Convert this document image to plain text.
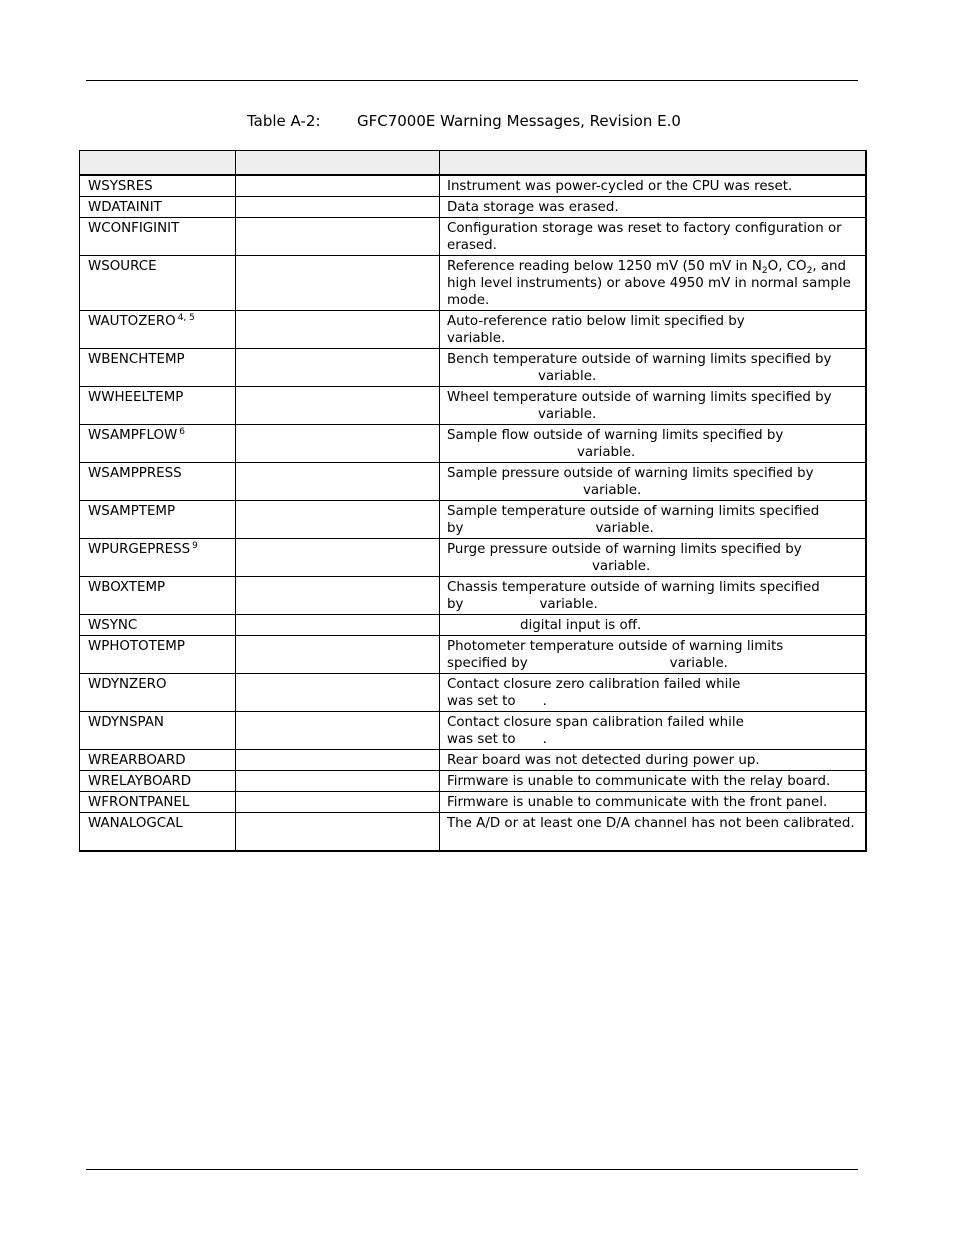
Table A-2: GFC7000E Warning Messages, Revision E.0

WSYSRES		Instrument was power-cycled or the CPU was reset.
WDATAINIT		Data storage was erased.
WCONFIGINIT		Configuration storage was reset to factory configuration or erased.
WSOURCE		Reference reading below 1250 mV (50 mV in $N_2O$, $CO_2$, and high level instruments) or above 4950 mV in normal sample mode.
WAUTOZERO $^{4, 5}$		Auto-reference ratio below limit specified by
variable.
WBENCHTEMP		Bench temperature outside of warning limits specified by
variable.
WWHEELTEMP		Wheel temperature outside of warning limits specified by
variable.
WSAMPFLOW $^6$		Sample flow outside of warning limits specified by
variable.
WSAMPPRESS		Sample pressure outside of warning limits specified by
variable.
WSAMPTEMP		Sample temperature outside of warning limits specified
by variable.
WPURGEPRESS $^9$		Purge pressure outside of warning limits specified by
variable.
WBOXTEMP		Chassis temperature outside of warning limits specified
by variable.
WSYNC		digital input is off.
WPHOTOTEMP		Photometer temperature outside of warning limits
specified by variable.
WDYNZERO		Contact closure zero calibration failed while
was set to .
WDYNSPAN		Contact closure span calibration failed while
was set to .
WREARBOARD		Rear board was not detected during power up.
WRELAYBOARD		Firmware is unable to communicate with the relay board.
WFRONTPANEL		Firmware is unable to communicate with the front panel.
WANALOGCAL		The A/D or at least one D/A channel has not been calibrated.
